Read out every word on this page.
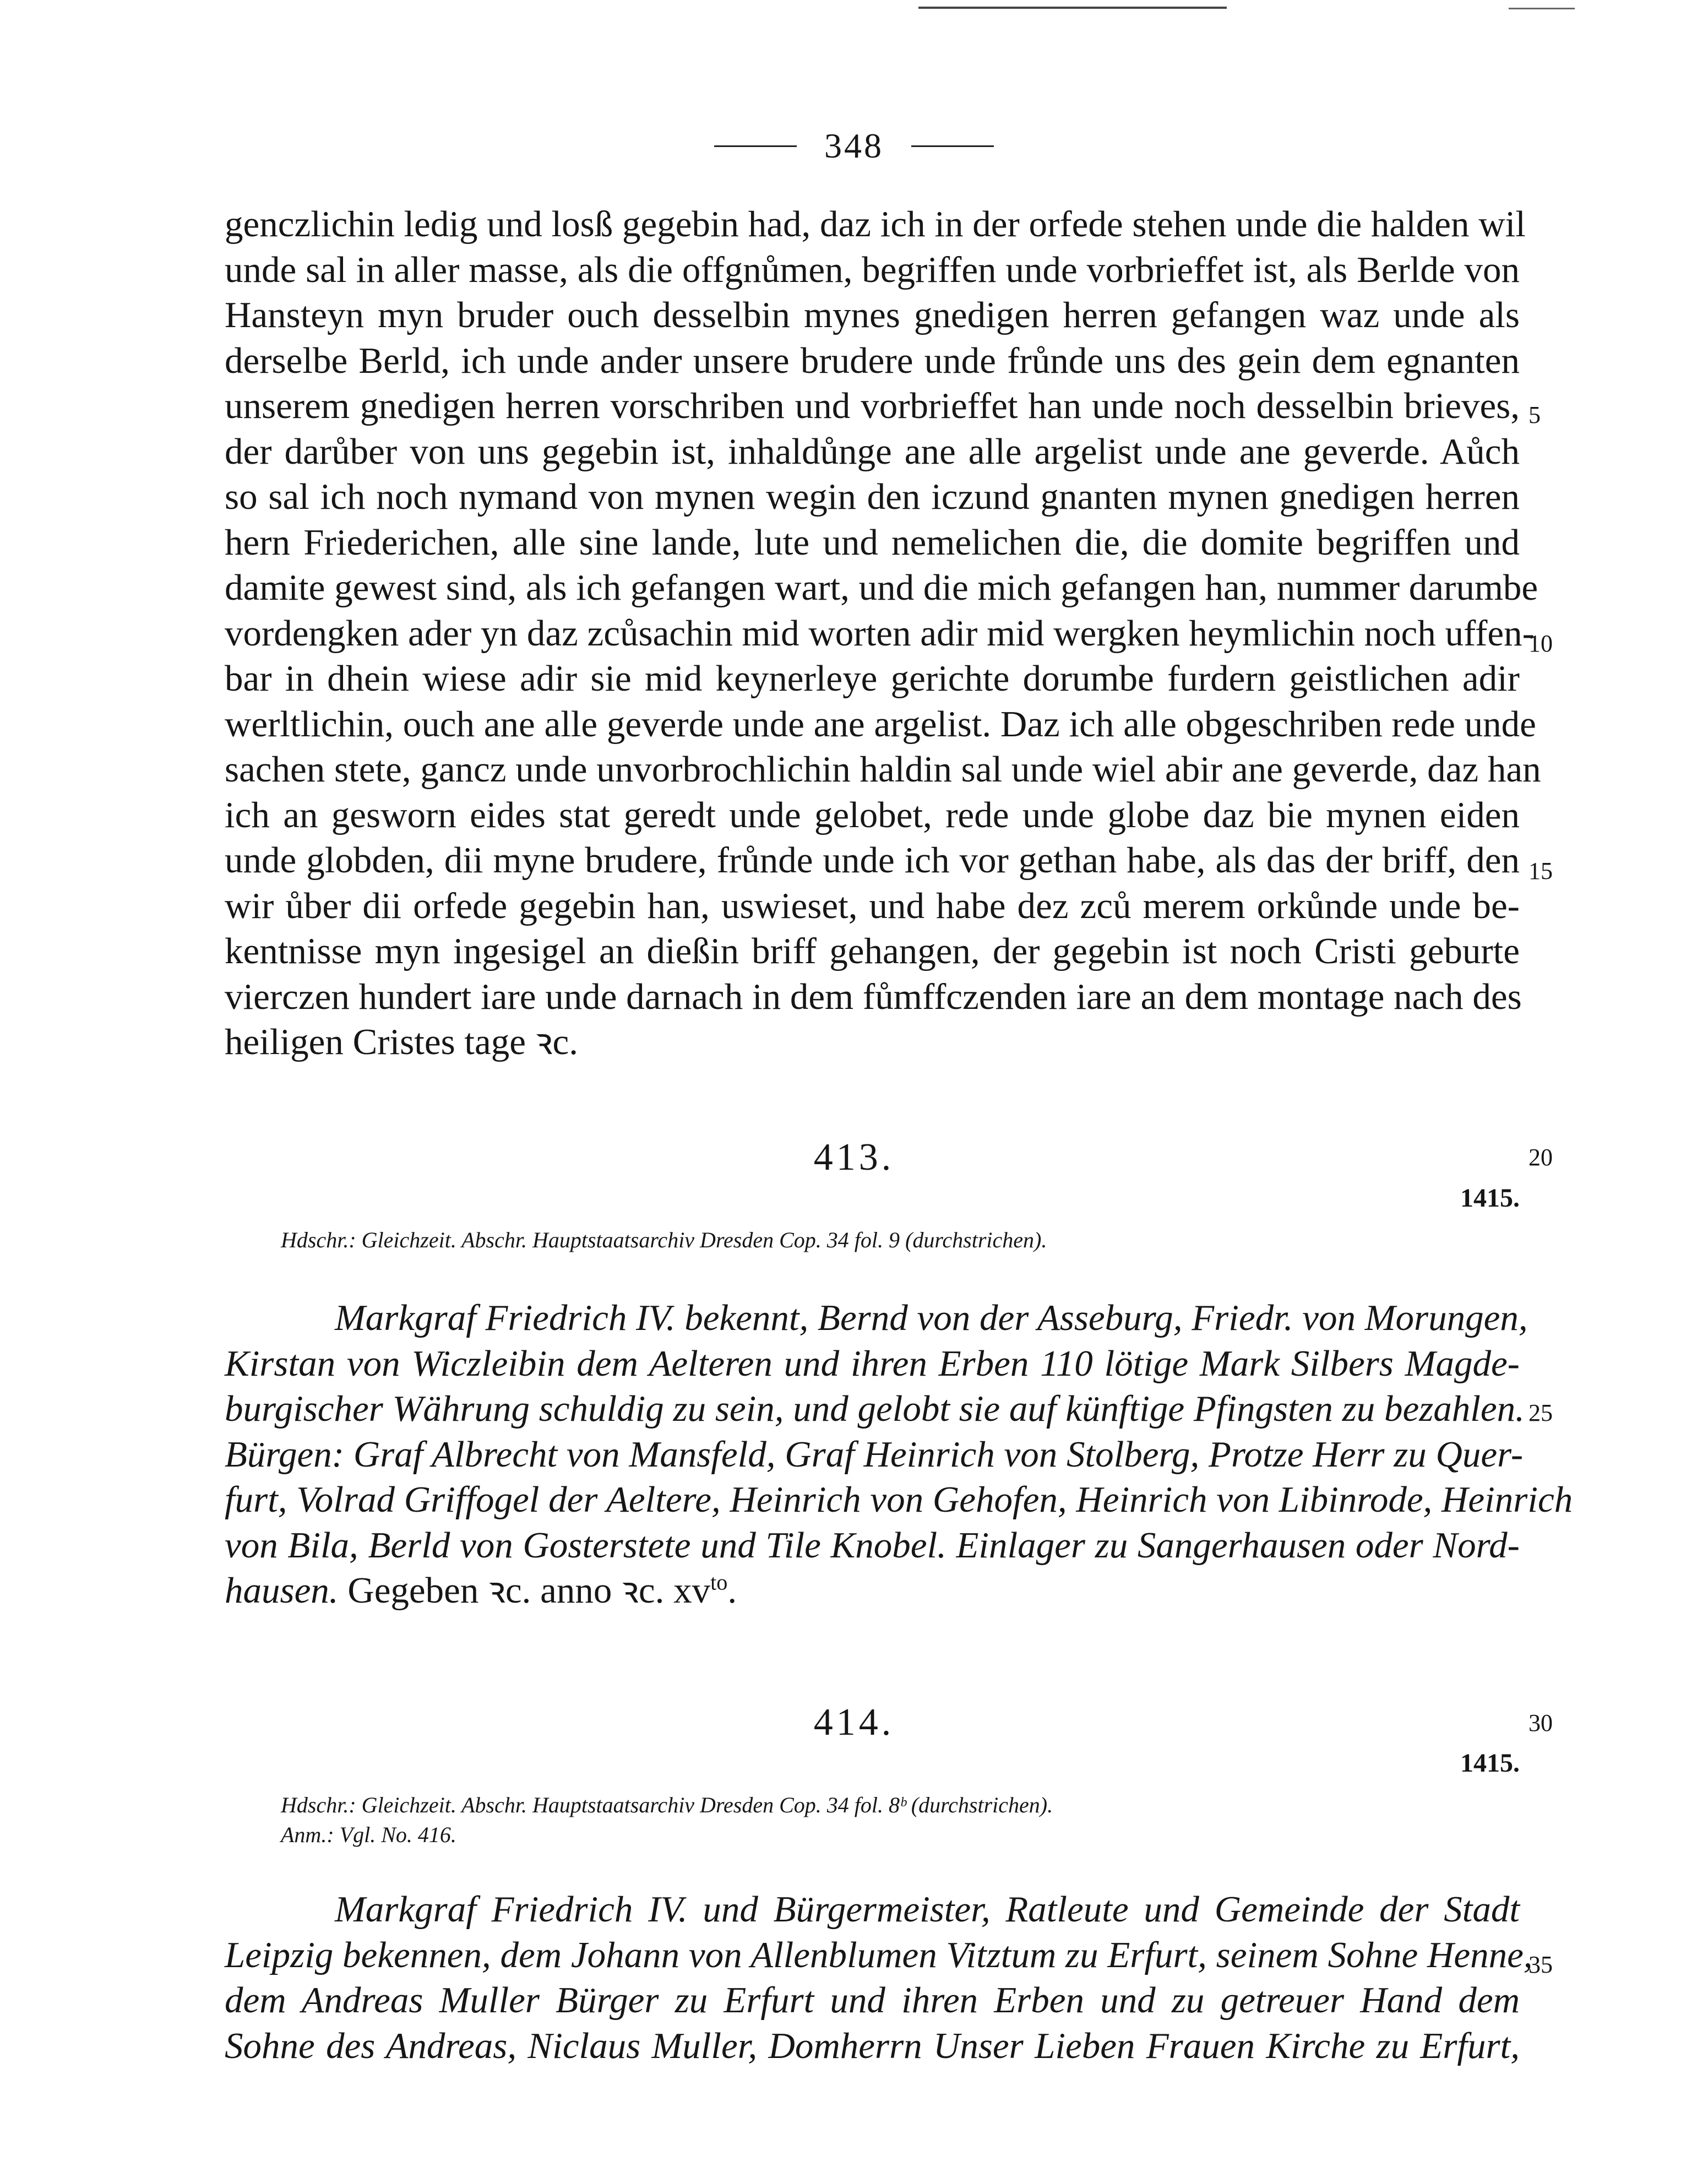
348
genczlichin ledig und losß gegebin had, daz ich in der orfede stehen unde die halden wil
unde sal in aller masse, als die offgnůmen, begriffen unde vorbrieffet ist, als Berlde von
Hansteyn myn bruder ouch desselbin mynes gnedigen herren gefangen waz unde als
derselbe Berld, ich unde ander unsere brudere unde frůnde uns des gein dem egnanten
unserem gnedigen herren vorschriben und vorbrieffet han unde noch desselbin brieves,
der darůber von uns gegebin ist, inhaldůnge ane alle argelist unde ane geverde. Aůch
so sal ich noch nymand von mynen wegin den iczund gnanten mynen gnedigen herren
hern Friederichen, alle sine lande, lute und nemelichen die, die domite begriffen und
damite gewest sind, als ich gefangen wart, und die mich gefangen han, nummer darumbe
vordengken ader yn daz zcůsachin mid worten adir mid wergken heymlichin noch uffen-
bar in dhein wiese adir sie mid keynerleye gerichte dorumbe furdern geistlichen adir
werltlichin, ouch ane alle geverde unde ane argelist. Daz ich alle obgeschriben rede unde
sachen stete, gancz unde unvorbrochlichin haldin sal unde wiel abir ane geverde, daz han
ich an gesworn eides stat geredt unde gelobet, rede unde globe daz bie mynen eiden
unde globden, dii myne brudere, frůnde unde ich vor gethan habe, als das der briff, den
wir ůber dii orfede gegebin han, uswieset, und habe dez zců merem orkůnde unde be-
kentnisse myn ingesigel an dießin briff gehangen, der gegebin ist noch Cristi geburte
vierczen hundert iare unde darnach in dem fůmffczenden iare an dem montage nach des
heiligen Cristes tage ꝛc.
5
10
15
20
25
30
35
413.
1415.
Hdschr.: Gleichzeit. Abschr. Hauptstaatsarchiv Dresden Cop. 34 fol. 9 (durchstrichen).
Markgraf Friedrich IV. bekennt, Bernd von der Asseburg, Friedr. von Morungen,
Kirstan von Wiczleibin dem Aelteren und ihren Erben 110 lötige Mark Silbers Magde-
burgischer Währung schuldig zu sein, und gelobt sie auf künftige Pfingsten zu bezahlen.
Bürgen: Graf Albrecht von Mansfeld, Graf Heinrich von Stolberg, Protze Herr zu Quer-
furt, Volrad Griffogel der Aeltere, Heinrich von Gehofen, Heinrich von Libinrode, Heinrich
von Bila, Berld von Gosterstete und Tile Knobel. Einlager zu Sangerhausen oder Nord-
hausen. Gegeben ꝛc. anno ꝛc. $xv^{to}$.
414.
1415.
Hdschr.: Gleichzeit. Abschr. Hauptstaatsarchiv Dresden Cop. 34 fol. 8ᵇ (durchstrichen).
Anm.: Vgl. No. 416.
Markgraf Friedrich IV. und Bürgermeister, Ratleute und Gemeinde der Stadt
Leipzig bekennen, dem Johann von Allenblumen Vitztum zu Erfurt, seinem Sohne Henne,
dem Andreas Muller Bürger zu Erfurt und ihren Erben und zu getreuer Hand dem
Sohne des Andreas, Niclaus Muller, Domherrn Unser Lieben Frauen Kirche zu Erfurt,
